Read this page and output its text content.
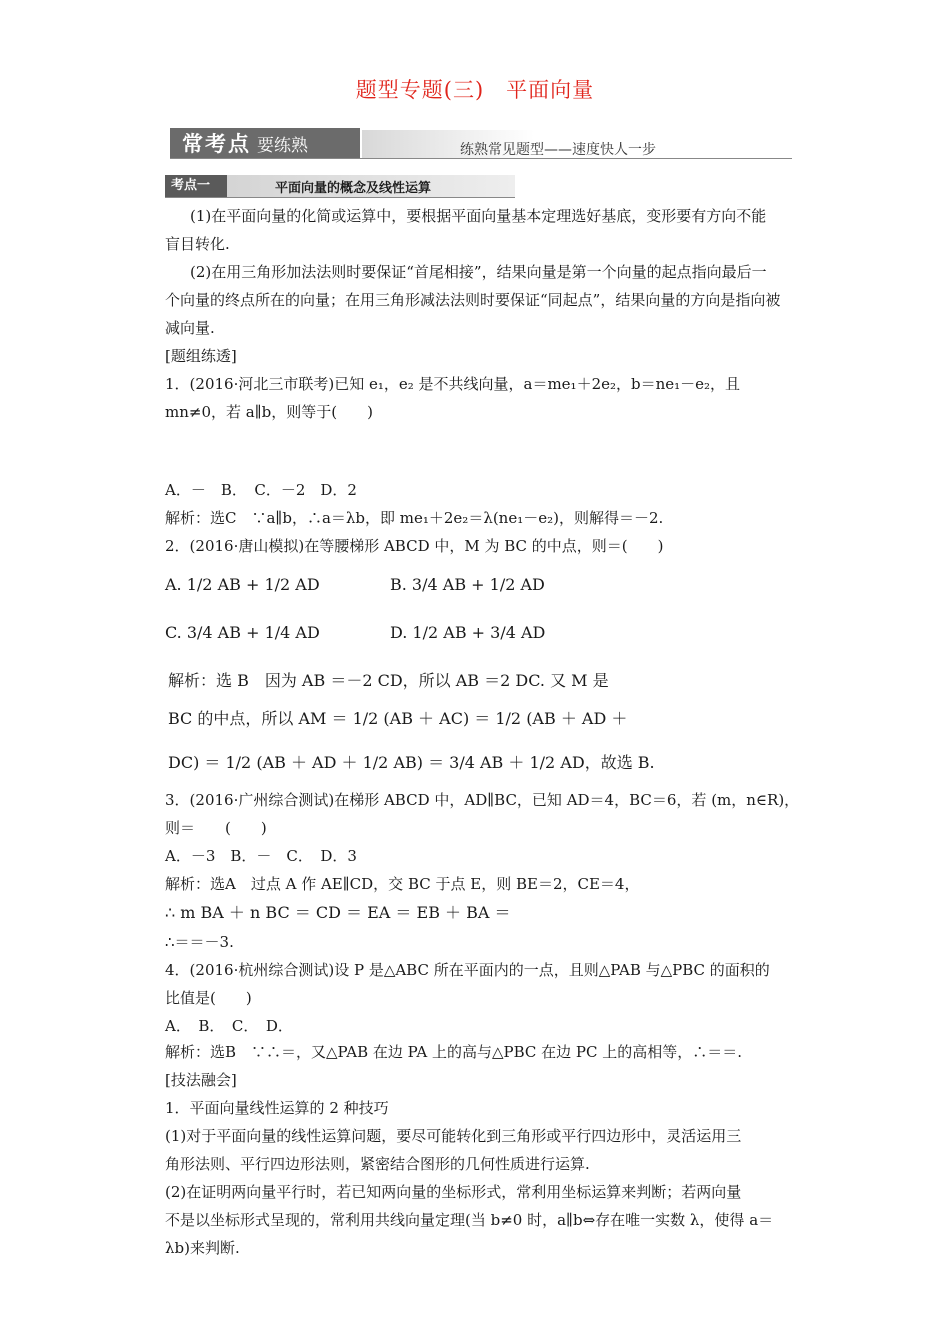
题型专题(三)　平面向量
常考点 要练熟	练熟常见题型——速度快人一步
考点一	平面向量的概念及线性运算
(1)在平面向量的化简或运算中，要根据平面向量基本定理选好基底，变形要有方向不能
盲目转化.
(2)在用三角形加法法则时要保证“首尾相接”，结果向量是第一个向量的起点指向最后一
个向量的终点所在的向量；在用三角形减法法则时要保证“同起点”，结果向量的方向是指向被
减向量.
[题组练透]
1．(2016·河北三市联考)已知 e₁，e₂ 是不共线向量，a＝me₁＋2e₂，b＝ne₁－e₂，且
mn≠0，若 a∥b，则等于(　　)
A．－　B．　C．－2　D．2
解析：选C　∵a∥b，∴a＝λb，即 me₁＋2e₂＝λ(ne₁－e₂)，则解得＝－2.
2．(2016·唐山模拟)在等腰梯形 ABCD 中，M 为 BC 的中点，则＝(　　)
A. 1/2 AB + 1/2 AD	B. 3/4 AB + 1/2 AD
C. 3/4 AB + 1/4 AD	D. 1/2 AB + 3/4 AD
解析：选 B　因为 AB ＝－2 CD，所以 AB ＝2 DC. 又 M 是
BC 的中点，所以 AM ＝ 1/2 (AB ＋ AC) ＝ 1/2 (AB ＋ AD ＋
DC) ＝ 1/2 (AB ＋ AD ＋ 1/2 AB) ＝ 3/4 AB ＋ 1/2 AD，故选 B.
3．(2016·广州综合测试)在梯形 ABCD 中，AD∥BC，已知 AD＝4，BC＝6，若 (m，n∈R)，
则＝　　(　　)
A．－3　B．－　C．　D．3
解析：选A　过点 A 作 AE∥CD，交 BC 于点 E，则 BE＝2，CE＝4，
∴ m BA ＋ n BC ＝ CD ＝ EA ＝ EB ＋ BA ＝
∴＝＝－3.
4．(2016·杭州综合测试)设 P 是△ABC 所在平面内的一点，且则△PAB 与△PBC 的面积的
比值是(　　)
A．　B．　C．　D．
解析：选B　∵∴＝，又△PAB 在边 PA 上的高与△PBC 在边 PC 上的高相等，∴＝＝.
[技法融会]
1．平面向量线性运算的 2 种技巧
(1)对于平面向量的线性运算问题，要尽可能转化到三角形或平行四边形中，灵活运用三
角形法则、平行四边形法则，紧密结合图形的几何性质进行运算.
(2)在证明两向量平行时，若已知两向量的坐标形式，常利用坐标运算来判断；若两向量
不是以坐标形式呈现的，常利用共线向量定理(当 b≠0 时，a∥b⇔存在唯一实数 λ，使得 a＝
λb)来判断.
